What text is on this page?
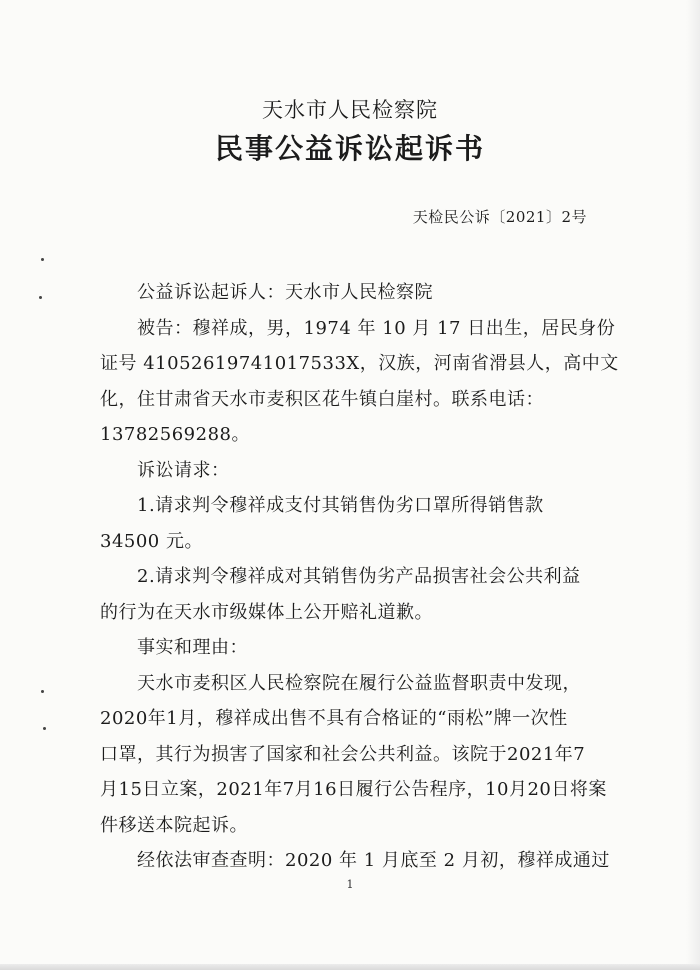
天水市人民检察院
民事公益诉讼起诉书
天检民公诉〔2021〕2号
公益诉讼起诉人：天水市人民检察院
被告：穆祥成，男，1974 年 10 月 17 日出生，居民身份
证号 41052619741017533X，汉族，河南省滑县人，高中文
化，住甘肃省天水市麦积区花牛镇白崖村。联系电话：
13782569288。
诉讼请求：
1.请求判令穆祥成支付其销售伪劣口罩所得销售款
34500 元。
2.请求判令穆祥成对其销售伪劣产品损害社会公共利益
的行为在天水市级媒体上公开赔礼道歉。
事实和理由：
天水市麦积区人民检察院在履行公益监督职责中发现，
2020年1月，穆祥成出售不具有合格证的“雨松”牌一次性
口罩，其行为损害了国家和社会公共利益。该院于2021年7
月15日立案，2021年7月16日履行公告程序，10月20日将案
件移送本院起诉。
经依法审查查明：2020 年 1 月底至 2 月初，穆祥成通过
1
